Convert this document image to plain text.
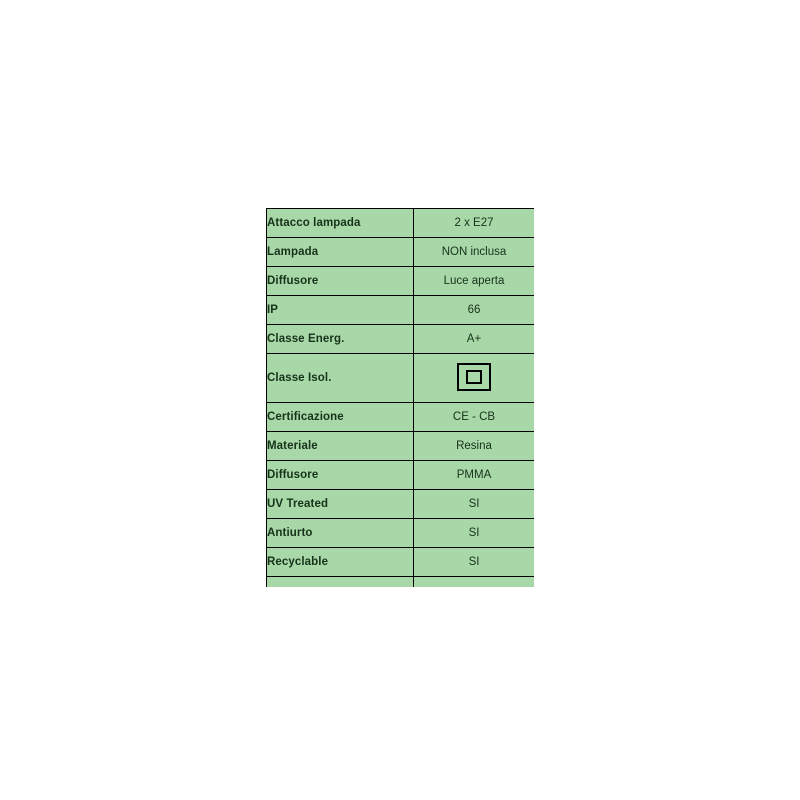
Attacco lampada	2 x E27
Lampada	NON inclusa
Diffusore	Luce aperta
IP	66
Classe Energ.	A+
Classe Isol.	
Certificazione	CE - CB
Materiale	Resina
Diffusore	PMMA
UV Treated	SI
Antiurto	SI
Recyclable	SI
